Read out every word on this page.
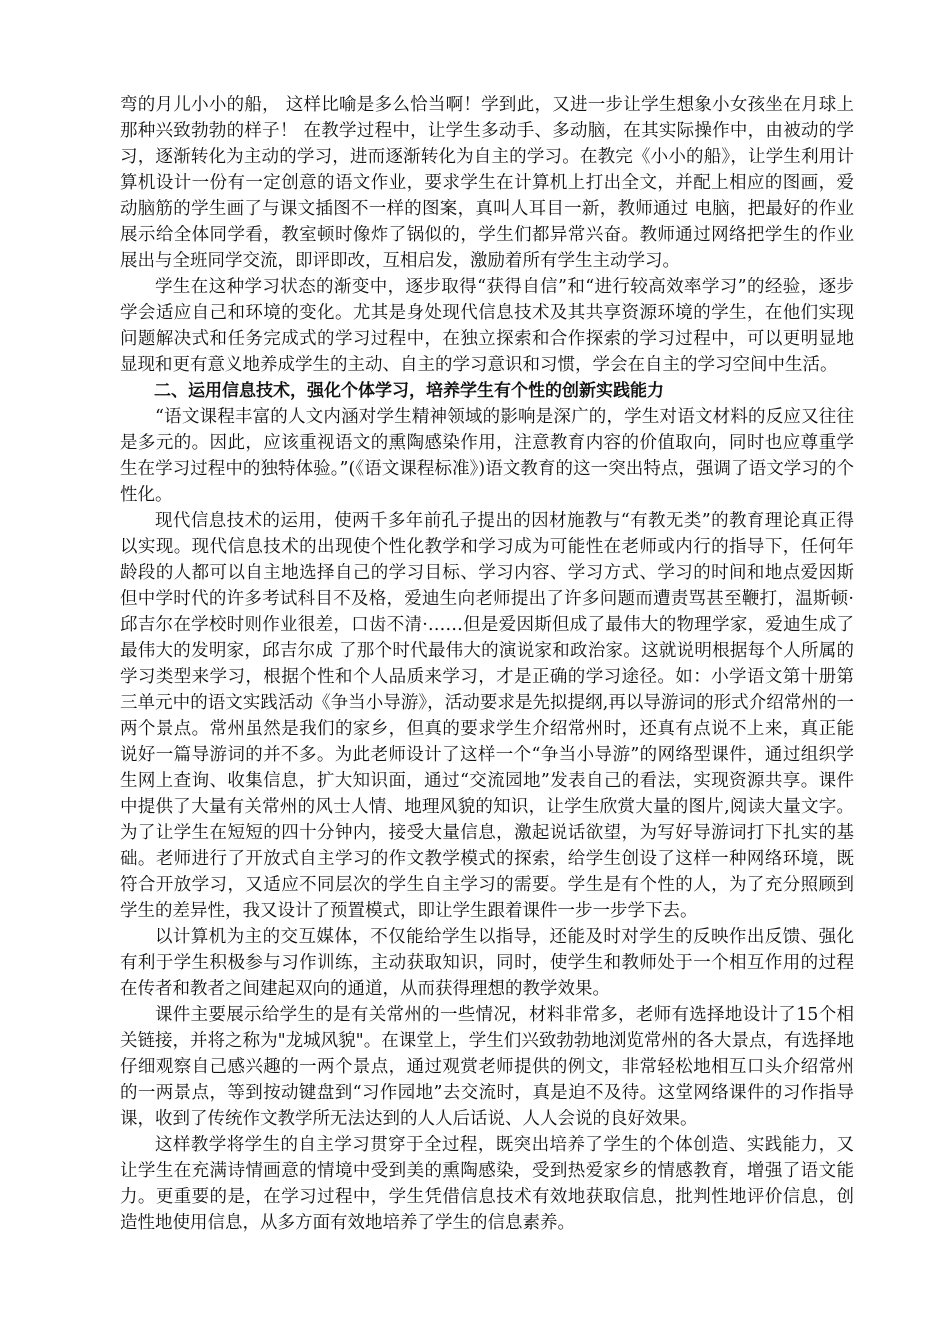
弯的月儿小小的船， 这样比喻是多么恰当啊！学到此，又进一步让学生想象小女孩坐在月球上那种兴致勃勃的样子！ 在教学过程中，让学生多动手、多动脑，在其实际操作中，由被动的学习，逐渐转化为主动的学习，进而逐渐转化为自主的学习。在教完《小小的船》，让学生利用计算机设计一份有一定创意的语文作业，要求学生在计算机上打出全文，并配上相应的图画，爱动脑筋的学生画了与课文插图不一样的图案，真叫人耳目一新，教师通过 电脑，把最好的作业展示给全体同学看，教室顿时像炸了锅似的，学生们都异常兴奋。教师通过网络把学生的作业展出与全班同学交流，即评即改，互相启发，激励着所有学生主动学习。

学生在这种学习状态的渐变中，逐步取得“获得自信”和“进行较高效率学习”的经验，逐步学会适应自己和环境的变化。尤其是身处现代信息技术及其共享资源环境的学生，在他们实现问题解决式和任务完成式的学习过程中，在独立探索和合作探索的学习过程中，可以更明显地显现和更有意义地养成学生的主动、自主的学习意识和习惯，学会在自主的学习空间中生活。

二、运用信息技术，强化个体学习，培养学生有个性的创新实践能力

“语文课程丰富的人文内涵对学生精神领域的影响是深广的，学生对语文材料的反应又往往是多元的。因此，应该重视语文的熏陶感染作用，注意教育内容的价值取向，同时也应尊重学生在学习过程中的独特体验。”(《语文课程标准》)语文教育的这一突出特点，强调了语文学习的个性化。

现代信息技术的运用，使两千多年前孔子提出的因材施教与“有教无类”的教育理论真正得以实现。现代信息技术的出现使个性化教学和学习成为可能性在老师或内行的指导下，任何年龄段的人都可以自主地选择自己的学习目标、学习内容、学习方式、学习的时间和地点爱因斯但中学时代的许多考试科目不及格，爱迪生向老师提出了许多问题而遭责骂甚至鞭打，温斯顿·邱吉尔在学校时则作业很差，口齿不清·……但是爱因斯但成了最伟大的物理学家，爱迪生成了最伟大的发明家，邱吉尔成 了那个时代最伟大的演说家和政治家。这就说明根据每个人所属的学习类型来学习，根据个性和个人品质来学习，才是正确的学习途径。如：小学语文第十册第三单元中的语文实践活动《争当小导游》，活动要求是先拟提纲,再以导游词的形式介绍常州的一两个景点。常州虽然是我们的家乡，但真的要求学生介绍常州时，还真有点说不上来，真正能说好一篇导游词的并不多。为此老师设计了这样一个“争当小导游”的网络型课件，通过组织学生网上查询、收集信息，扩大知识面，通过“交流园地”发表自己的看法，实现资源共享。课件中提供了大量有关常州的风士人情、地理风貌的知识，让学生欣赏大量的图片,阅读大量文字。为了让学生在短短的四十分钟内，接受大量信息，激起说话欲望，为写好导游词打下扎实的基础。老师进行了开放式自主学习的作文教学模式的探索，给学生创设了这样一种网络环境，既符合开放学习，又适应不同层次的学生自主学习的需要。学生是有个性的人，为了充分照顾到学生的差异性，我又设计了预置模式，即让学生跟着课件一步一步学下去。

以计算机为主的交互媒体，不仅能给学生以指导，还能及时对学生的反映作出反馈、强化有利于学生积极参与习作训练，主动获取知识，同时，使学生和教师处于一个相互作用的过程在传者和教者之间建起双向的通道，从而获得理想的教学效果。

课件主要展示给学生的是有关常州的一些情况，材料非常多，老师有选择地设计了15个相关链接，并将之称为"龙城风貌"。在课堂上，学生们兴致勃勃地浏览常州的各大景点，有选择地仔细观察自己感兴趣的一两个景点，通过观赏老师提供的例文，非常轻松地相互口头介绍常州的一两景点，等到按动键盘到“习作园地”去交流时，真是迫不及待。这堂网络课件的习作指导课，收到了传统作文教学所无法达到的人人后话说、人人会说的良好效果。

这样教学将学生的自主学习贯穿于全过程，既突出培养了学生的个体创造、实践能力，又让学生在充满诗情画意的情境中受到美的熏陶感染，受到热爱家乡的情感教育，增强了语文能力。更重要的是，在学习过程中，学生凭借信息技术有效地获取信息，批判性地评价信息，创造性地使用信息，从多方面有效地培养了学生的信息素养。
